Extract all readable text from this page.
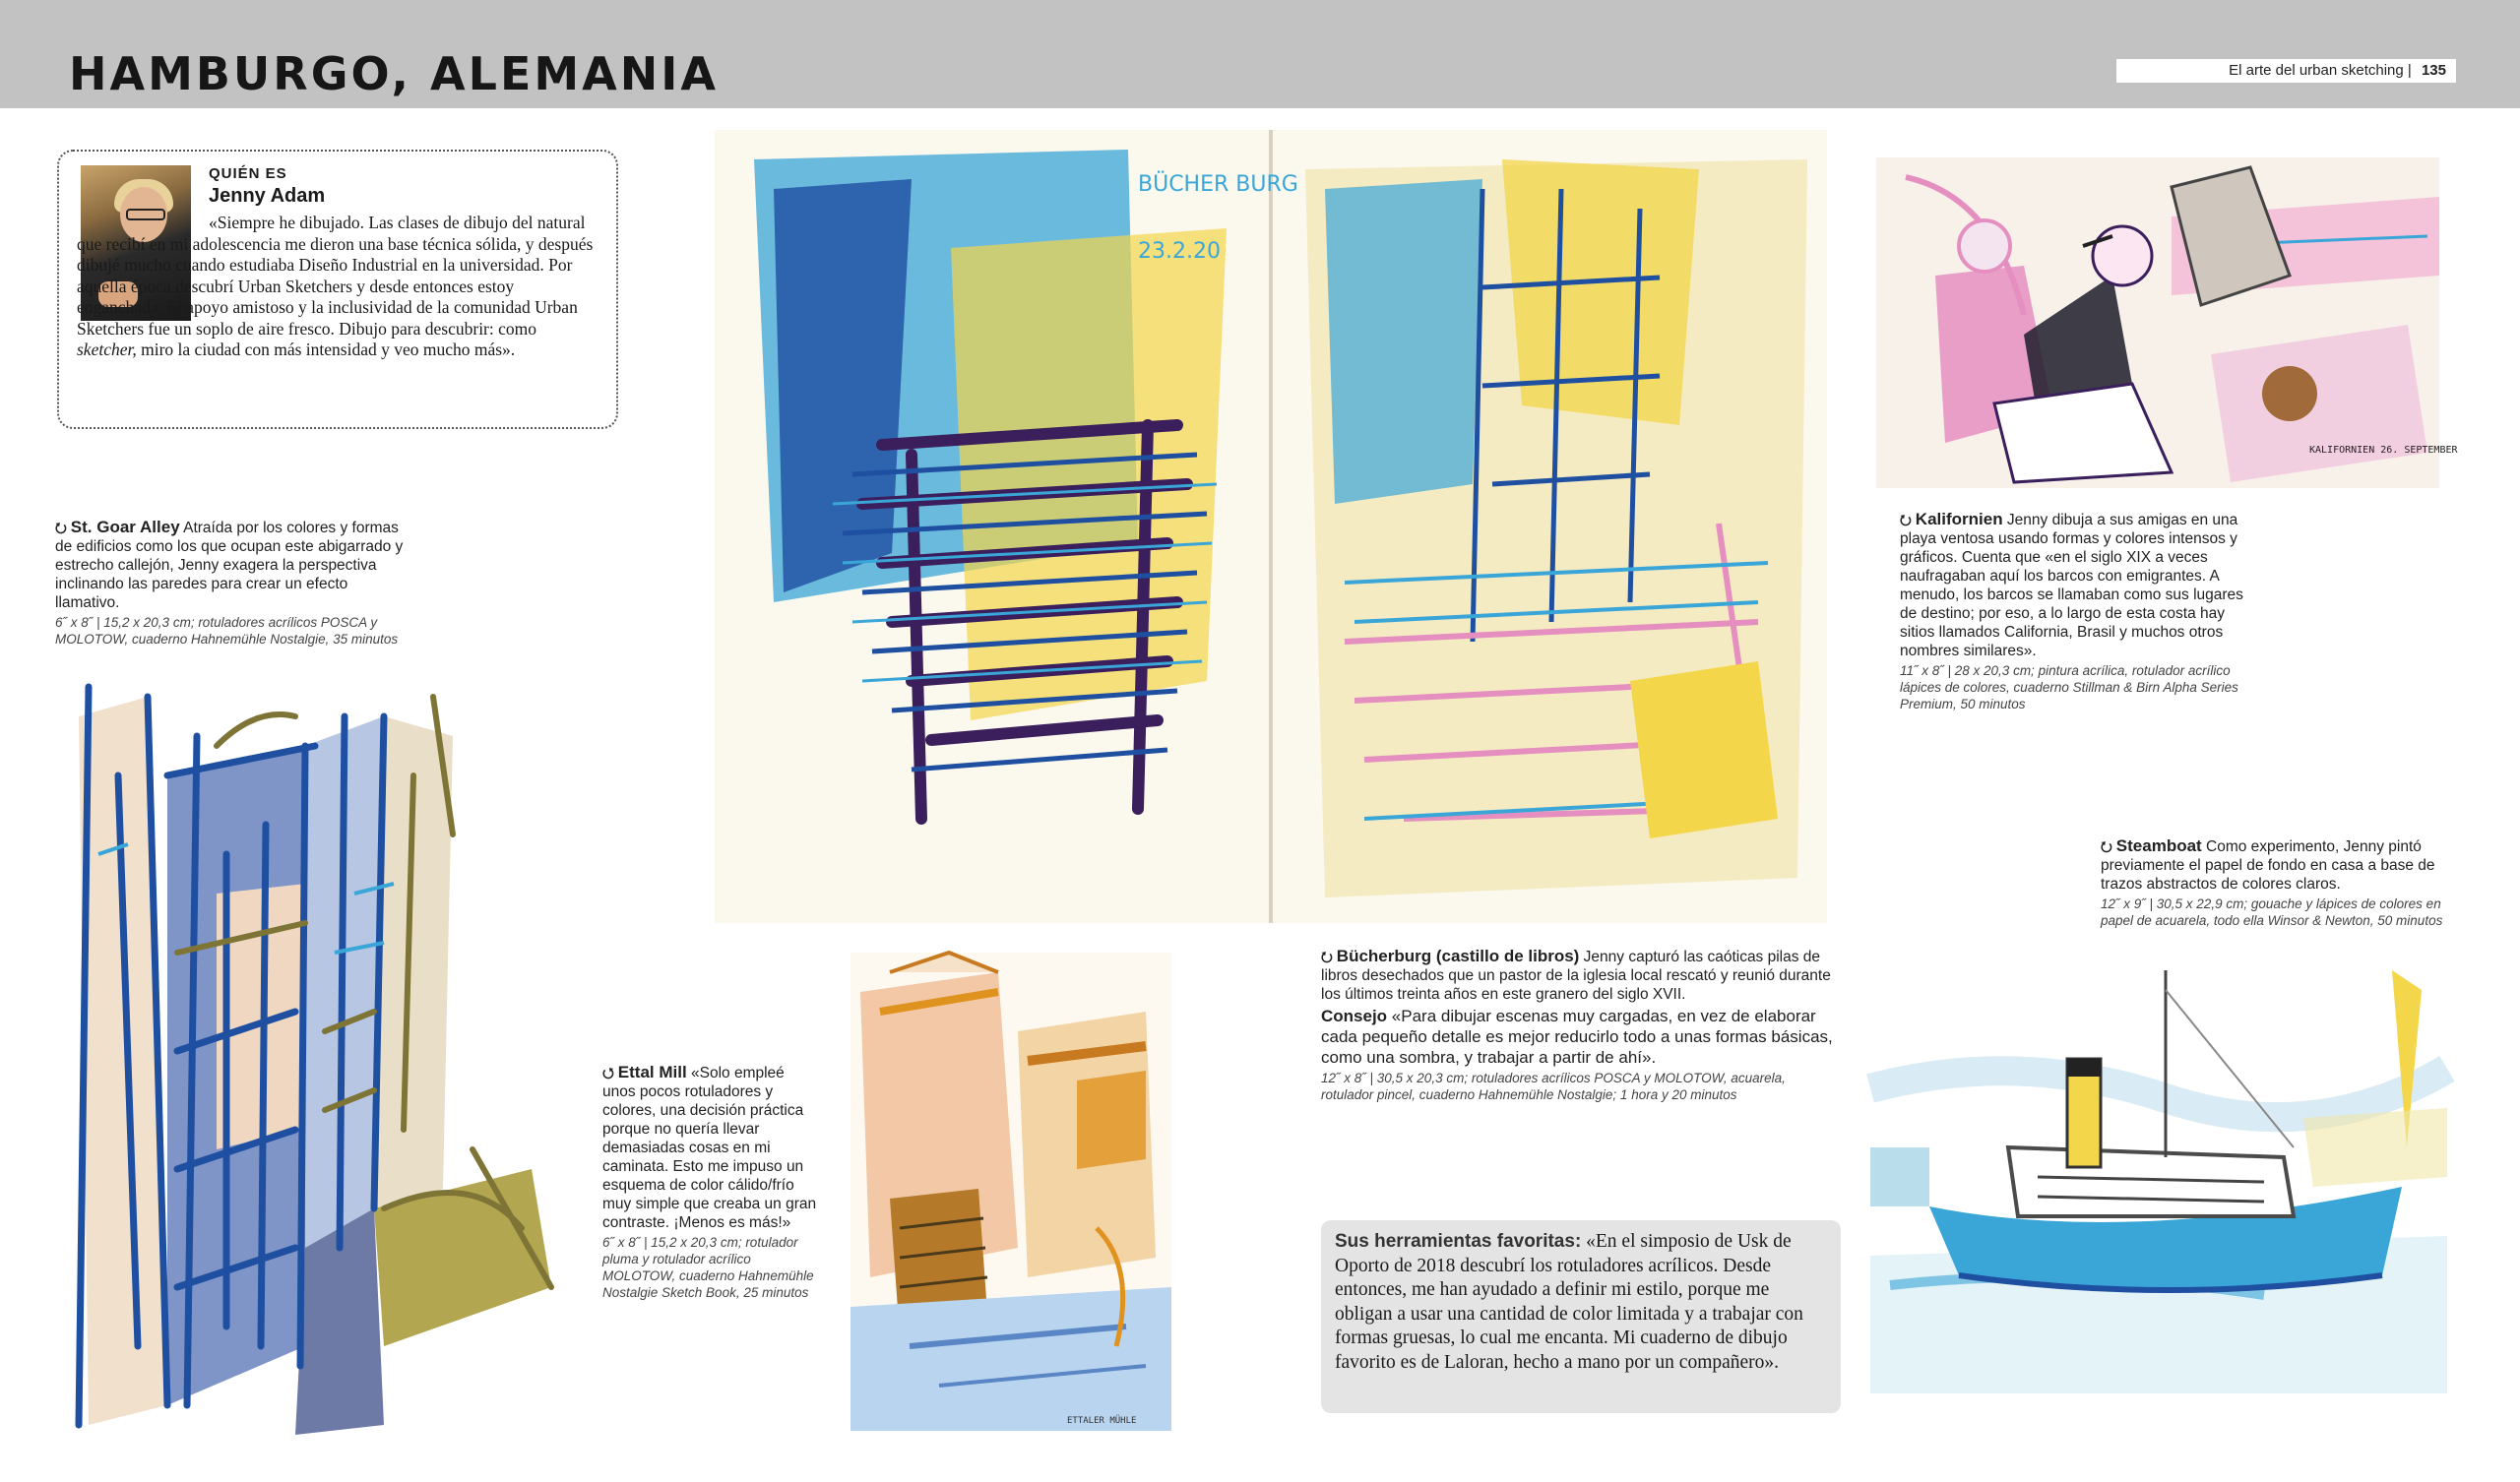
HAMBURGO, ALEMANIA	El arte del urban sketching | 135
QUIÉN ES
Jenny Adam
«Siempre he dibujado. Las clases de dibujo del natural que recibí en mi adolescencia me dieron una base técnica sólida, y después dibujé mucho cuando estudiaba Diseño Industrial en la universidad. Por aquella época descubrí Urban Sketchers y desde entonces estoy enganchada. El apoyo amistoso y la inclusividad de la comunidad Urban Sketchers fue un soplo de aire fresco. Dibujo para descubrir: como sketcher, miro la ciudad con más intensidad y veo mucho más».
⭮ St. Goar Alley Atraída por los colores y formas de edificios como los que ocupan este abigarrado y estrecho callejón, Jenny exagera la perspectiva inclinando las paredes para crear un efecto llamativo.
6˝ x 8˝ | 15,2 x 20,3 cm; rotuladores acrílicos POSCA y MOLOTOW, cuaderno Hahnemühle Nostalgie, 35 minutos
BÜCHER BURG
23.2.20
KALIFORNIEN 26. SEPTEMBER
⭮ Kalifornien Jenny dibuja a sus amigas en una playa ventosa usando formas y colores intensos y gráficos. Cuenta que «en el siglo XIX a veces naufragaban aquí los barcos con emigrantes. A menudo, los barcos se llamaban como sus lugares de destino; por eso, a lo largo de esta costa hay sitios llamados California, Brasil y muchos otros nombres similares».
11˝ x 8˝ | 28 x 20,3 cm; pintura acrílica, rotulador acrílico lápices de colores, cuaderno Stillman & Birn Alpha Series Premium, 50 minutos
⭮ Steamboat Como experimento, Jenny pintó previamente el papel de fondo en casa a base de trazos abstractos de colores claros.
12˝ x 9˝ | 30,5 x 22,9 cm; gouache y lápices de colores en papel de acuarela, todo ella Winsor & Newton, 50 minutos
⭯ Ettal Mill «Solo empleé unos pocos rotuladores y colores, una decisión práctica porque no quería llevar demasiadas cosas en mi caminata. Esto me impuso un esquema de color cálido/frío muy simple que creaba un gran contraste. ¡Menos es más!»
6˝ x 8˝ | 15,2 x 20,3 cm; rotulador pluma y rotulador acrílico MOLOTOW, cuaderno Hahnemühle Nostalgie Sketch Book, 25 minutos
ETTALER MÜHLE
⭮ Bücherburg (castillo de libros) Jenny capturó las caóticas pilas de libros desechados que un pastor de la iglesia local rescató y reunió durante los últimos treinta años en este granero del siglo XVII.
Consejo «Para dibujar escenas muy cargadas, en vez de elaborar cada pequeño detalle es mejor reducirlo todo a unas formas básicas, como una sombra, y trabajar a partir de ahí».
12˝ x 8˝ | 30,5 x 20,3 cm; rotuladores acrílicos POSCA y MOLOTOW, acuarela, rotulador pincel, cuaderno Hahnemühle Nostalgie; 1 hora y 20 minutos
Sus herramientas favoritas: «En el simposio de Usk de Oporto de 2018 descubrí los rotuladores acrílicos. Desde entonces, me han ayudado a definir mi estilo, porque me obligan a usar una cantidad de color limitada y a trabajar con formas gruesas, lo cual me encanta. Mi cuaderno de dibujo favorito es de Laloran, hecho a mano por un compañero».
